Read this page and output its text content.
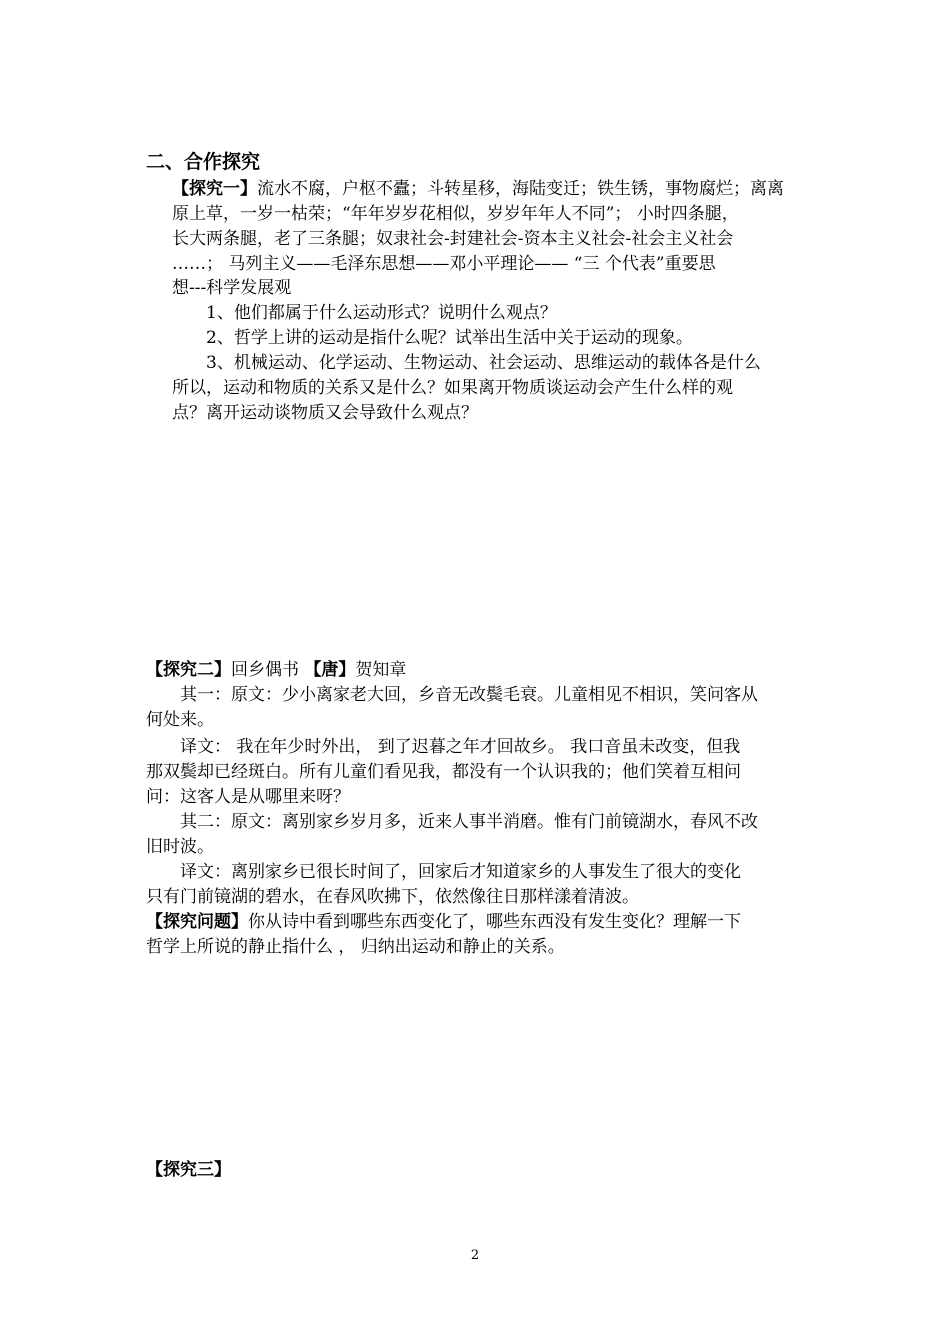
二、合作探究
【探究一】流水不腐，户枢不蠹；斗转星移，海陆变迁；铁生锈，事物腐烂；离离
原上草，一岁一枯荣；“年年岁岁花相似，岁岁年年人不同”； 小时四条腿，
长大两条腿，老了三条腿；奴隶社会-封建社会-资本主义社会-社会主义社会
……； 马列主义——毛泽东思想——邓小平理论—— “三 个代表”重要思
想---科学发展观
1、他们都属于什么运动形式？说明什么观点？
2、哲学上讲的运动是指什么呢？试举出生活中关于运动的现象。
3、机械运动、化学运动、生物运动、社会运动、思维运动的载体各是什么
所以，运动和物质的关系又是什么？如果离开物质谈运动会产生什么样的观
点？离开运动谈物质又会导致什么观点？
【探究二】回乡偶书 【唐】贺知章
其一：原文：少小离家老大回，乡音无改鬓毛衰。儿童相见不相识，笑问客从
何处来。
译文： 我在年少时外出， 到了迟暮之年才回故乡。 我口音虽未改变，但我
那双鬓却已经斑白。所有儿童们看见我，都没有一个认识我的；他们笑着互相问
问：这客人是从哪里来呀？
其二：原文：离别家乡岁月多，近来人事半消磨。惟有门前镜湖水，春风不改
旧时波。
译文：离别家乡已很长时间了，回家后才知道家乡的人事发生了很大的变化
只有门前镜湖的碧水，在春风吹拂下，依然像往日那样漾着清波。
【探究问题】你从诗中看到哪些东西变化了，哪些东西没有发生变化？理解一下
哲学上所说的静止指什么 ， 归纳出运动和静止的关系。
【探究三】
2
